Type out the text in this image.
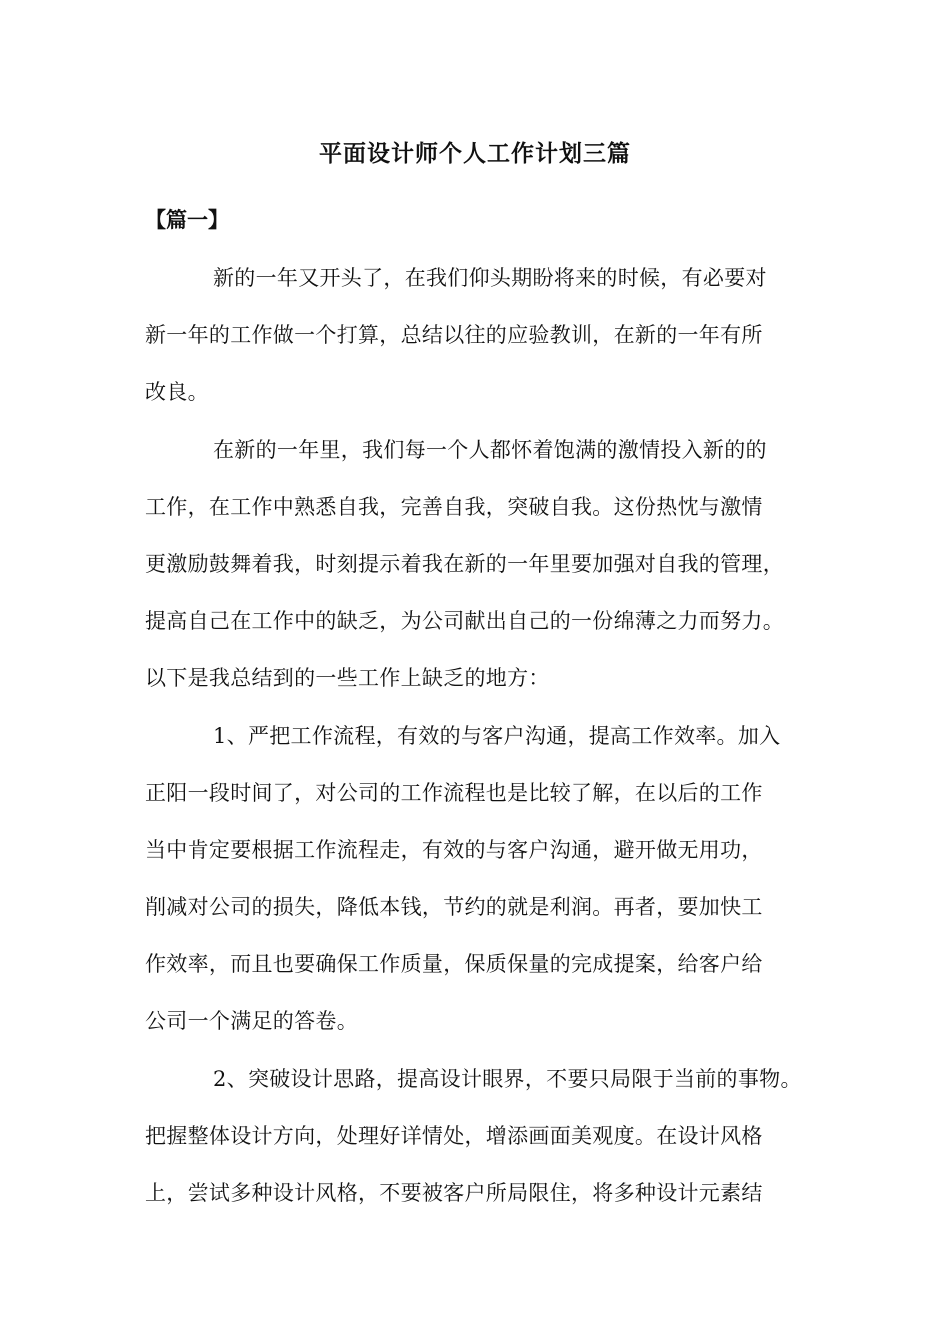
平面设计师个人工作计划三篇
【篇一】
新的一年又开头了，在我们仰头期盼将来的时候，有必要对
新一年的工作做一个打算，总结以往的应验教训，在新的一年有所
改良。
在新的一年里，我们每一个人都怀着饱满的激情投入新的的
工作，在工作中熟悉自我，完善自我，突破自我。这份热忱与激情
更激励鼓舞着我，时刻提示着我在新的一年里要加强对自我的管理，
提高自己在工作中的缺乏，为公司献出自己的一份绵薄之力而努力。
以下是我总结到的一些工作上缺乏的地方：
1、严把工作流程，有效的与客户沟通，提高工作效率。加入
正阳一段时间了，对公司的工作流程也是比较了解，在以后的工作
当中肯定要根据工作流程走，有效的与客户沟通，避开做无用功，
削减对公司的损失，降低本钱，节约的就是利润。再者，要加快工
作效率，而且也要确保工作质量，保质保量的完成提案，给客户给
公司一个满足的答卷。
2、突破设计思路，提高设计眼界，不要只局限于当前的事物。
把握整体设计方向，处理好详情处，增添画面美观度。在设计风格
上，尝试多种设计风格，不要被客户所局限住，将多种设计元素结
